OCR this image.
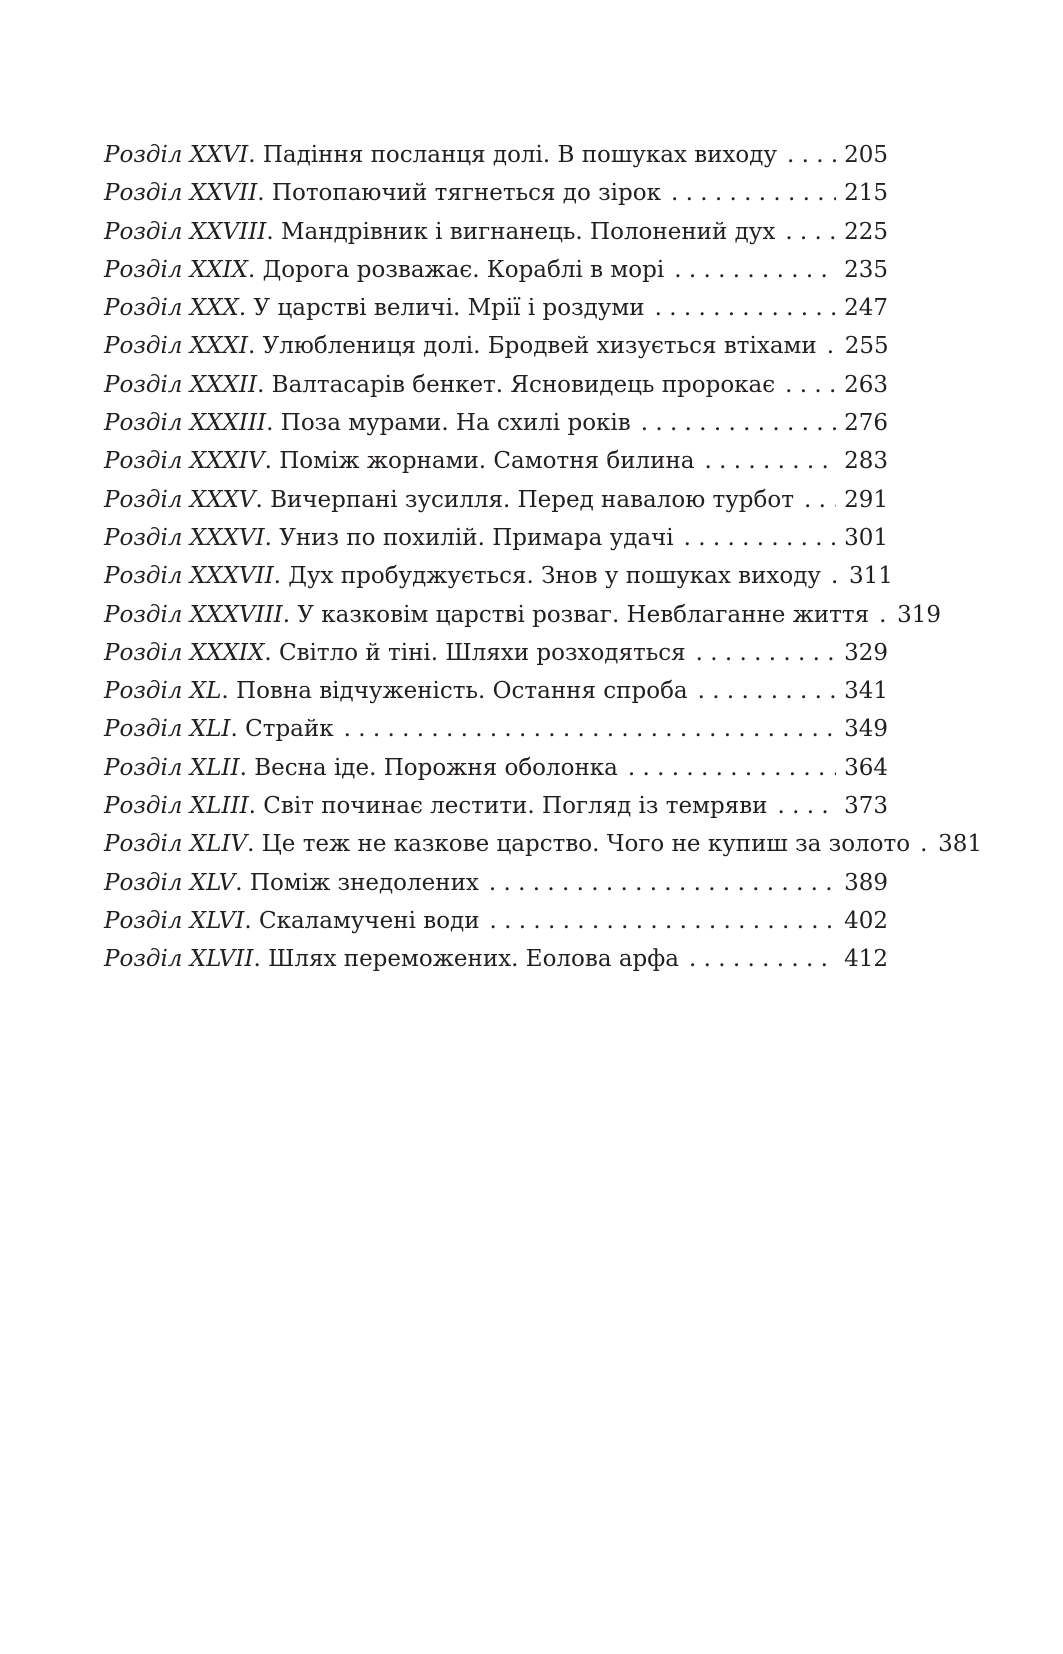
Розділ XXVI . Падіння посланця долі. В пошуках виходу . . .	205
Розділ XXVII . Потопаючий тягнеться до зірок . . .	215
Розділ XXVIII . Мандрівник і вигнанець. Полонений дух . . .	225
Розділ XXIX . Дорога розважає. Кораблі в морі . . .	235
Розділ XXX . У царстві величі. Мрії і роздуми . . .	247
Розділ XXXI . Улюблениця долі. Бродвей хизується втіхами . . . 255
Розділ XXXII . Валтасарів бенкет. Ясновидець пророкає . . .	263
Розділ XXXIII . Поза мурами. На схилі років . . .	276
Розділ XXXIV . Поміж жорнами. Самотня билина . . .	283
Розділ XXXV . Вичерпані зусилля. Перед навалою турбот . . . 291
Розділ XXXVI . Униз по похилій. Примара удачі . . .	301
Розділ XXXVII . Дух пробуджується. Знов у пошуках виходу . . . 311
Розділ XXXVIII . У казковім царстві розваг. Невблаганне життя . . . 319
Розділ XXXIX . Світло й тіні. Шляхи розходяться . . .	329
Розділ XL . Повна відчуженість. Остання спроба . . .	341
Розділ XLI . Страйк . . .	349
Розділ XLII . Весна іде. Порожня оболонка . . .	364
Розділ XLIII . Світ починає лестити. Погляд із темряви . . .	373
Розділ XLIV . Це теж не казкове царство. Чого не купиш за золото . . . 381
Розділ XLV . Поміж знедолених . . .	389
Розділ XLVI . Скаламучені води . . .	402
Розділ XLVII . Шлях переможених. Еолова арфа . . .	412
